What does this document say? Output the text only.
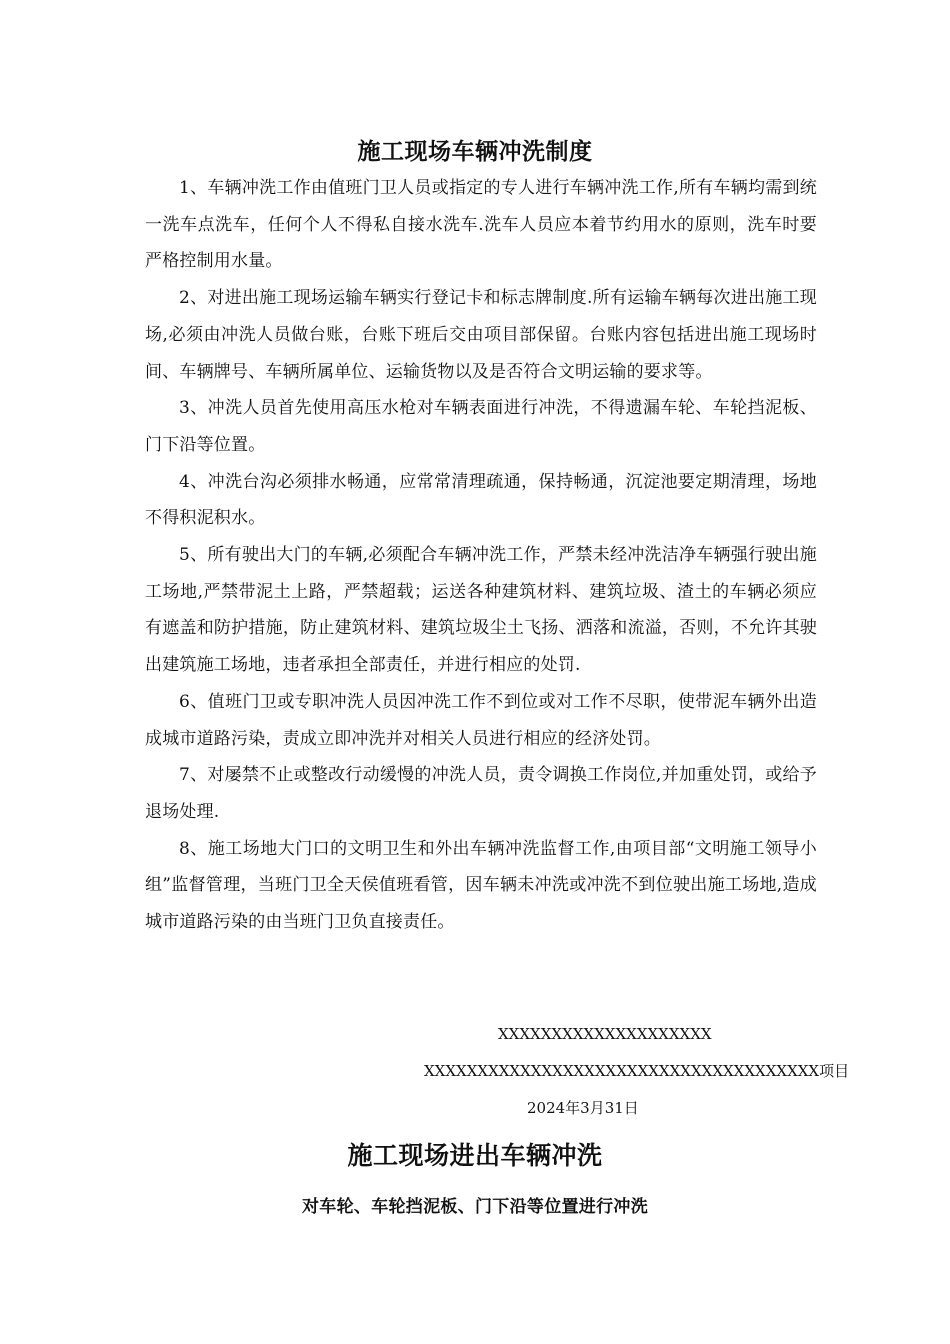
施工现场车辆冲洗制度

1、车辆冲洗工作由值班门卫人员或指定的专人进行车辆冲洗工作,所有车辆均需到统一洗车点洗车，任何个人不得私自接水洗车.洗车人员应本着节约用水的原则，洗车时要严格控制用水量。

2、对进出施工现场运输车辆实行登记卡和标志牌制度.所有运输车辆每次进出施工现场,必须由冲洗人员做台账，台账下班后交由项目部保留。台账内容包括进出施工现场时间、车辆牌号、车辆所属单位、运输货物以及是否符合文明运输的要求等。

3、冲洗人员首先使用高压水枪对车辆表面进行冲洗，不得遗漏车轮、车轮挡泥板、门下沿等位置。

4、冲洗台沟必须排水畅通，应常常清理疏通，保持畅通，沉淀池要定期清理，场地不得积泥积水。

5、所有驶出大门的车辆,必须配合车辆冲洗工作，严禁未经冲洗洁净车辆强行驶出施工场地,严禁带泥土上路，严禁超载；运送各种建筑材料、建筑垃圾、渣土的车辆必须应有遮盖和防护措施，防止建筑材料、建筑垃圾尘土飞扬、洒落和流溢，否则，不允许其驶出建筑施工场地，违者承担全部责任，并进行相应的处罚.

6、值班门卫或专职冲洗人员因冲洗工作不到位或对工作不尽职，使带泥车辆外出造成城市道路污染，责成立即冲洗并对相关人员进行相应的经济处罚。

7、对屡禁不止或整改行动缓慢的冲洗人员，责令调换工作岗位,并加重处罚，或给予退场处理.

8、施工场地大门口的文明卫生和外出车辆冲洗监督工作,由项目部“文明施工领导小组”监督管理，当班门卫全天侯值班看管，因车辆未冲洗或冲洗不到位驶出施工场地,造成城市道路污染的由当班门卫负直接责任。

XXXXXXXXXXXXXXXXXXXX

XXXXXXXXXXXXXXXXXXXXXXXXXXXXXXXXXXXXX项目

2024年3月31日

施工现场进出车辆冲洗

对车轮、车轮挡泥板、门下沿等位置进行冲洗
